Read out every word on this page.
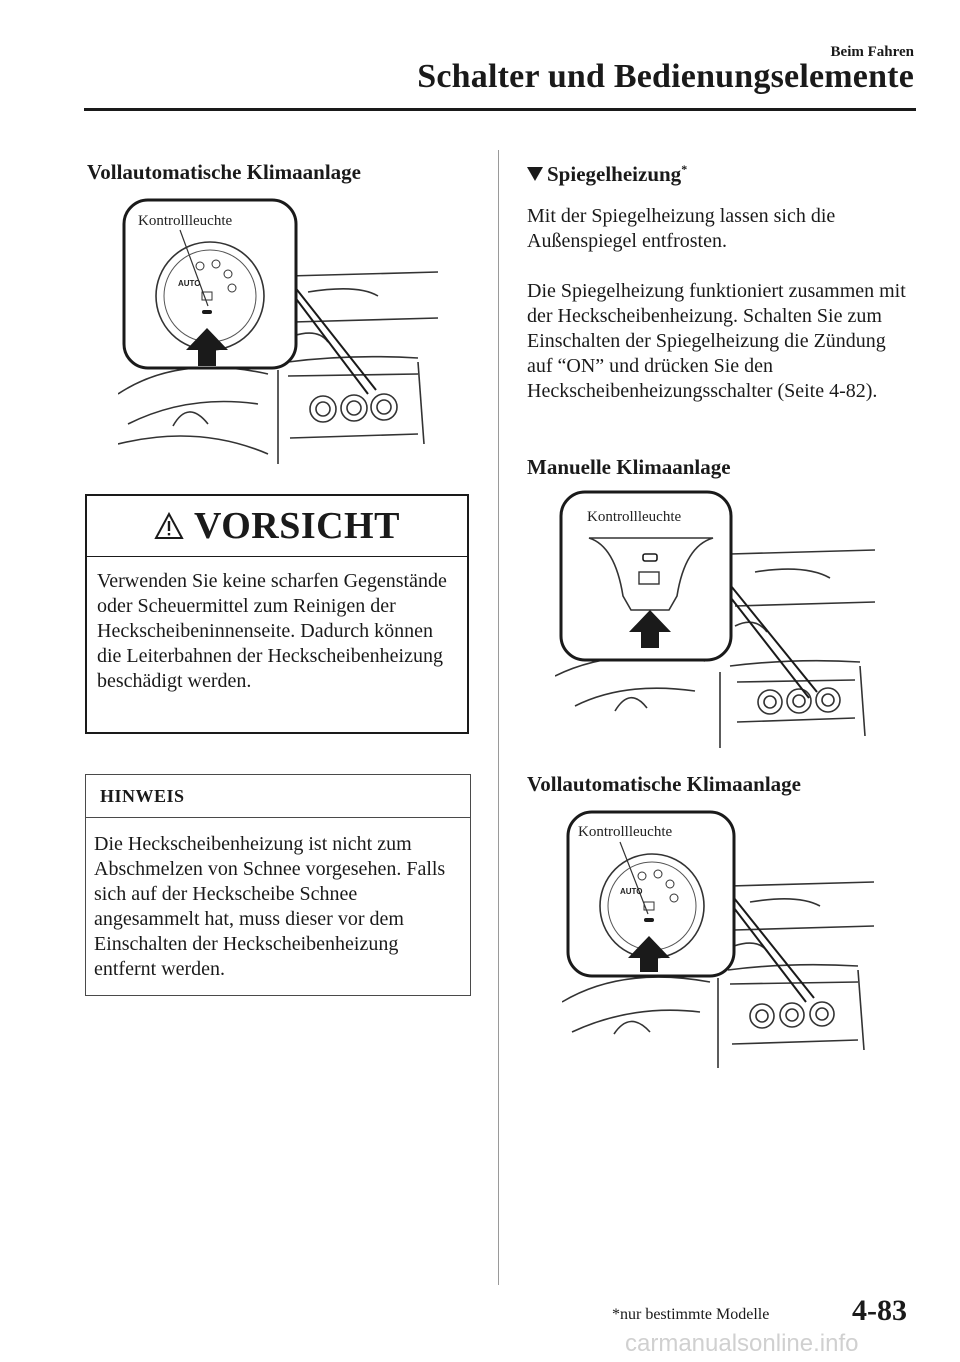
Beim Fahren
Schalter und Bedienungselemente
Vollautomatische Klimaanlage
Kontrollleuchte
AUTO
VORSICHT
Verwenden Sie keine scharfen Gegenstände oder Scheuermittel zum Reinigen der Heckscheibeninnenseite. Dadurch können die Leiterbahnen der Heckscheibenheizung beschädigt werden.
HINWEIS
Die Heckscheibenheizung ist nicht zum Abschmelzen von Schnee vorgesehen. Falls sich auf der Heckscheibe Schnee angesammelt hat, muss dieser vor dem Einschalten der Heckscheibenheizung entfernt werden.
Spiegelheizung*
Mit der Spiegelheizung lassen sich die Außenspiegel entfrosten.
Die Spiegelheizung funktioniert zusammen mit der Heckscheibenheizung. Schalten Sie zum Einschalten der Spiegelheizung die Zündung auf “ON” und drücken Sie den Heckscheibenheizungsschalter (Seite 4-82).
Manuelle Klimaanlage
Kontrollleuchte
Vollautomatische Klimaanlage
Kontrollleuchte
AUTO
*nur bestimmte Modelle	4-83
carmanualsonline.info
